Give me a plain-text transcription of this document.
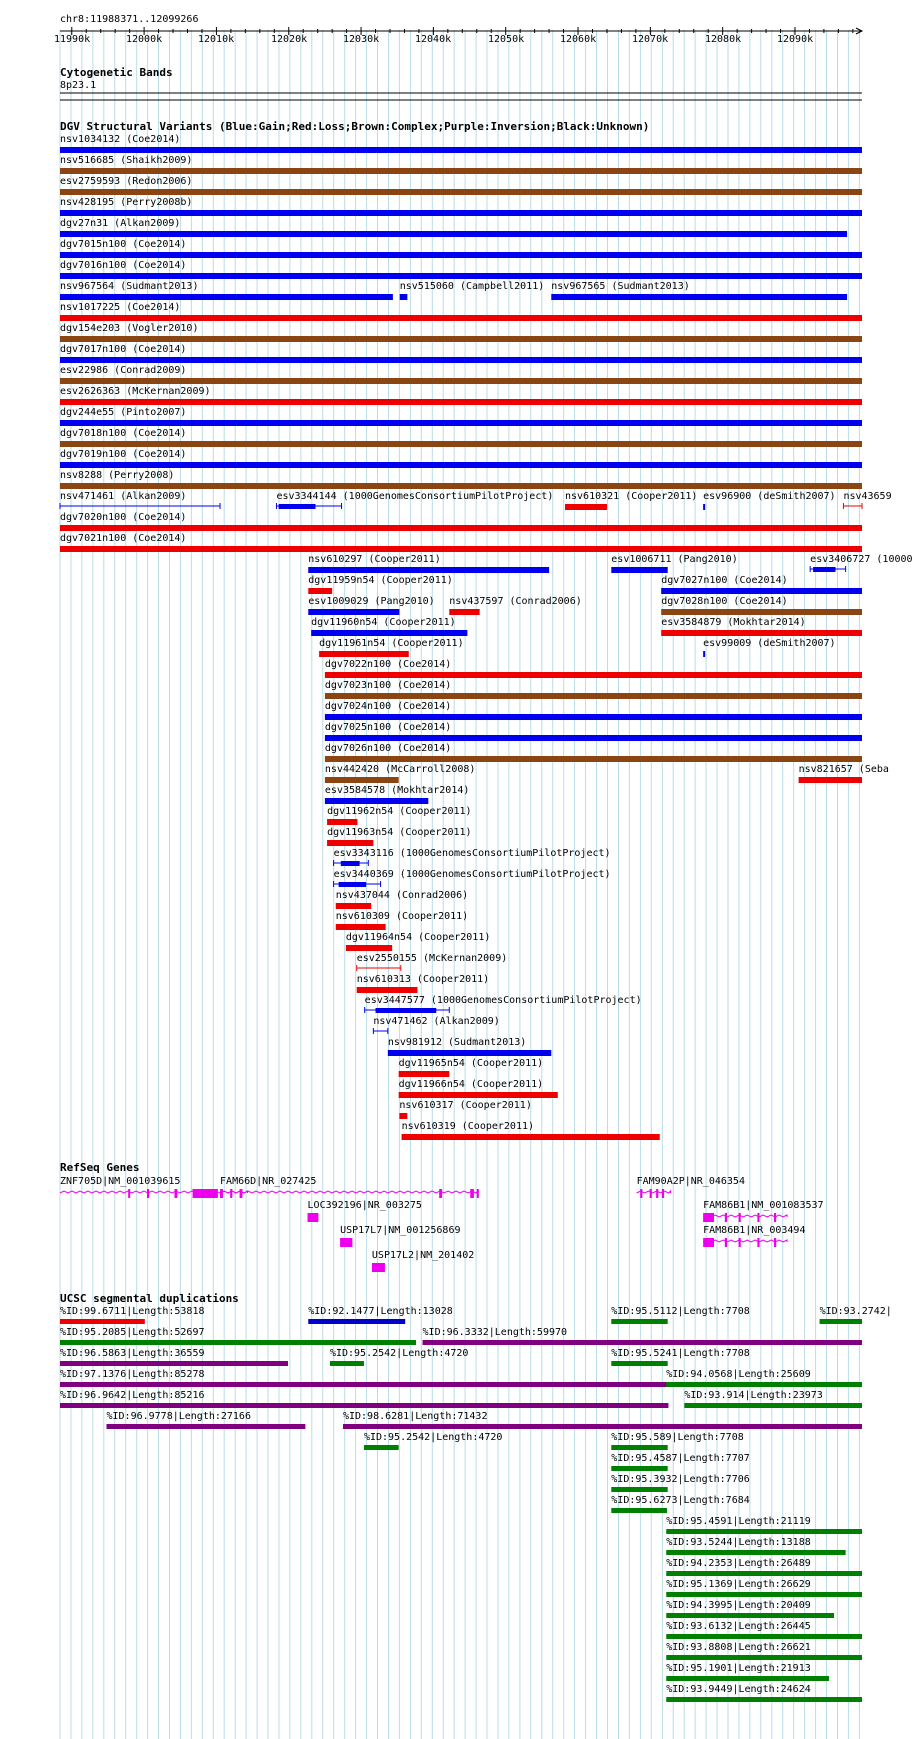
chr8:11988371..12099266
Cytogenetic Bands
8p23.1
DGV Structural Variants (Blue:Gain;Red:Loss;Brown:Complex;Purple:Inversion;Black:Unknown)
RefSeq Genes
UCSC segmental duplications
11990k	12000k	12010k	12020k	12030k	12040k	12050k	12060k	12070k	12080k	12090k
nsv1034132 (Coe2014)
nsv516685 (Shaikh2009)
esv2759593 (Redon2006)
nsv428195 (Perry2008b)
dgv27n31 (Alkan2009)
dgv7015n100 (Coe2014)
dgv7016n100 (Coe2014)
nsv967564 (Sudmant2013)	nsv515060 (Campbell2011) nsv967565 (Sudmant2013)
nsv1017225 (Coe2014)
dgv154e203 (Vogler2010)
dgv7017n100 (Coe2014)
esv22986 (Conrad2009)
esv2626363 (McKernan2009)
dgv244e55 (Pinto2007)
dgv7018n100 (Coe2014)
dgv7019n100 (Coe2014)
nsv8288 (Perry2008)
nsv471461 (Alkan2009)	esv3344144 (1000GenomesConsortiumPilotProject) nsv610321 (Cooper2011) esv96900 (deSmith2007) nsv43659
dgv7020n100 (Coe2014)
dgv7021n100 (Coe2014)
nsv610297 (Cooper2011)	esv1006711 (Pang2010)	esv3406727 (10000
dgv11959n54 (Cooper2011)	dgv7027n100 (Coe2014)
esv1009029 (Pang2010) nsv437597 (Conrad2006)	dgv7028n100 (Coe2014)
dgv11960n54 (Cooper2011)	esv3584879 (Mokhtar2014)
dgv11961n54 (Cooper2011)	esv99009 (deSmith2007)
dgv7022n100 (Coe2014)
dgv7023n100 (Coe2014)
dgv7024n100 (Coe2014)
dgv7025n100 (Coe2014)
dgv7026n100 (Coe2014)
nsv442420 (McCarroll2008)	nsv821657 (Seba
esv3584578 (Mokhtar2014)
dgv11962n54 (Cooper2011)
dgv11963n54 (Cooper2011)
esv3343116 (1000GenomesConsortiumPilotProject)
esv3440369 (1000GenomesConsortiumPilotProject)
nsv437044 (Conrad2006)
nsv610309 (Cooper2011)
dgv11964n54 (Cooper2011)
esv2550155 (McKernan2009)
nsv610313 (Cooper2011)
esv3447577 (1000GenomesConsortiumPilotProject)
nsv471462 (Alkan2009)
nsv981912 (Sudmant2013)
dgv11965n54 (Cooper2011)
dgv11966n54 (Cooper2011)
nsv610317 (Cooper2011)
nsv610319 (Cooper2011)
ZNF705D|NM_001039615	FAM66D|NR_027425	FAM90A2P|NR_046354
LOC392196|NR_003275	FAM86B1|NM_001083537
USP17L7|NM_001256869	FAM86B1|NR_003494
USP17L2|NM_201402
%ID:99.6711|Length:53818	%ID:92.1477|Length:13028	%ID:95.5112|Length:7708	%ID:93.2742|
%ID:95.2085|Length:52697	%ID:96.3332|Length:59970
%ID:96.5863|Length:36559	%ID:95.2542|Length:4720	%ID:95.5241|Length:7708
%ID:97.1376|Length:85278	%ID:94.0568|Length:25609
%ID:96.9642|Length:85216	%ID:93.914|Length:23973
%ID:96.9778|Length:27166	%ID:98.6281|Length:71432
%ID:95.2542|Length:4720	%ID:95.589|Length:7708
%ID:95.4587|Length:7707
%ID:95.3932|Length:7706
%ID:95.6273|Length:7684
%ID:95.4591|Length:21119
%ID:93.5244|Length:13188
%ID:94.2353|Length:26489
%ID:95.1369|Length:26629
%ID:94.3995|Length:20409
%ID:93.6132|Length:26445
%ID:93.8808|Length:26621
%ID:95.1901|Length:21913
%ID:93.9449|Length:24624
